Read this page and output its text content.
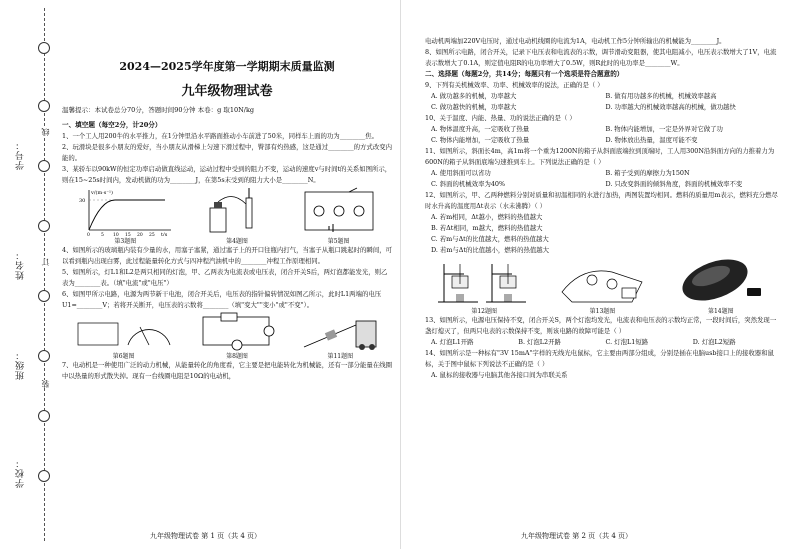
线
订
装
学号：
姓名：
班级：
学校：
2024—2025学年度第一学期期末质量监测
九年级物理试卷
温馨提示：本试卷总分70分，答题时间90分钟 本卷：g 取10N/kg
一、填空题（每空2分，计20分）

1、一个工人用200牛的水平推力，在1分钟里沿水平路面推动小车前进了50米，同样车上面的功为________焦。

2、玩滑块是很多小朋友的爱好，当小朋友从滑梯上匀速下滑过程中，臀部有灼热感，这是通过________的方式改变内能的。

3、某轿车以90kW的恒定功率启动做直线运动，运动过程中受到的阻力不变，运动的速度v与时间t的关系如图所示，则在15~25s时间内，发动机做的功为________J，在第5s末受到的阻力大小是________N。

v/(m·s⁻¹)
t/s
30
0 5 10 15 20 25
第3题图	第4题图	第5题图

4、如图所示的玻璃瓶内装有少量的水，用塞子塞紧，通过塞子上的开口往瓶内打气，当塞子从瓶口跳起时的瞬间，可以看到瓶内出现白雾，此过程能量转化方式与四冲程汽油机中的________冲程工作原理相同。

5、如图所示，灯L1和L2是两只相同的灯泡，甲、乙两表为电流表或电压表，闭合开关S后，两灯泡都能发光，则乙表为________表。（填"电流"或"电压"）

6、如图甲所示电路，电源为两节新干电池，闭合开关后，电压表的指针偏转情况如图乙所示，此时L1两端的电压U1=________V；若将开关断开，电压表的示数将________（填"变大""变小"或"不变"）。

第6题图	第8题图	第11题图

7、电动机是一种使用广泛的动力机械，从能量转化的角度看，它主要是把电能转化为机械能，还有一部分能量在线圈中以热量的形式散失掉。现有一台线圈电阻是10Ω的电动机，

九年级物理试卷 第 1 页（共 4 页）

电动机两端加220V电压时，通过电动机线圈的电流为1A，电动机工作5分钟所输出的机械能为________J。

8、如图所示电路，闭合开关，记录下电压表和电流表的示数，调节滑动变阻器，使其电阻减小，电压表示数增大了1V，电流表示数增大了0.1A，则定值电阻R的电功率增大了0.5W，则R此时的电功率是________W。

二、选择题（每题2分，共14分；每题只有一个选项是符合题意的）

9、下列有关机械效率、功率、机械效率的说法，正确的是（ ）

A. 做功越多的机械，功率越大	B. 做有用功越多的机械，机械效率越高
C. 做功越快的机械，功率越大	D. 功率越大的机械效率越高的机械，做功越快

10、关于温度、内能、热量、功的说法正确的是（ ）

A. 物体温度升高，一定吸收了热量	B. 物体内能增加，一定是外界对它做了功
C. 物体内能增加，一定吸收了热量	D. 物体放出热量，温度可能不变

11、如图所示，斜面长4m，高1m将一个重为1200N的箱子从斜面底端拉到顶端时，工人用300N沿斜面方向的力推着力为600N的箱子从斜面底端匀速推到车上。下列说法正确的是（ ）

A. 使用斜面可以省功	B. 箱子受到的摩擦力为150N
C. 斜面的机械效率为40%	D. 只改变斜面的倾斜角度，斜面的机械效率不变

12、如图所示，甲、乙两种燃料分别对质量和初温相同的水进行加热，两图装置均相同。燃料的质量用m表示，燃料充分燃尽时水升高的温度用Δt表示（水未沸腾）（ ）

A. 若m相同，Δt越小，燃料的热值越大
B. 若Δt相同，m越大，燃料的热值越大
C. 若m与Δt的比值越大，燃料的热值越大
D. 若m与Δt的比值越小，燃料的热值越大
第12题图	第13题图	第14题图

13、如图所示，电源电压保持不变，闭合开关S，两个灯泡均发光，电流表和电压表的示数均正常，一段时间后，突然发现一盏灯熄灭了，但两只电表的示数保持不变，则该电路的故障可能是（ ）

A. 灯泡L1开路	B. 灯泡L2开路	C. 灯泡L1短路	D. 灯泡L2短路

14、如图所示是一种标有"3V 15mA"字样的无线光电鼠标，它主要由两部分组成，分别是插在电脑usb接口上的接收器和鼠标，关于图中鼠标下列说法不正确的是（ ）

A. 鼠标的接收器与电脑其他各接口间为串联关系
九年级物理试卷 第 2 页（共 4 页）
